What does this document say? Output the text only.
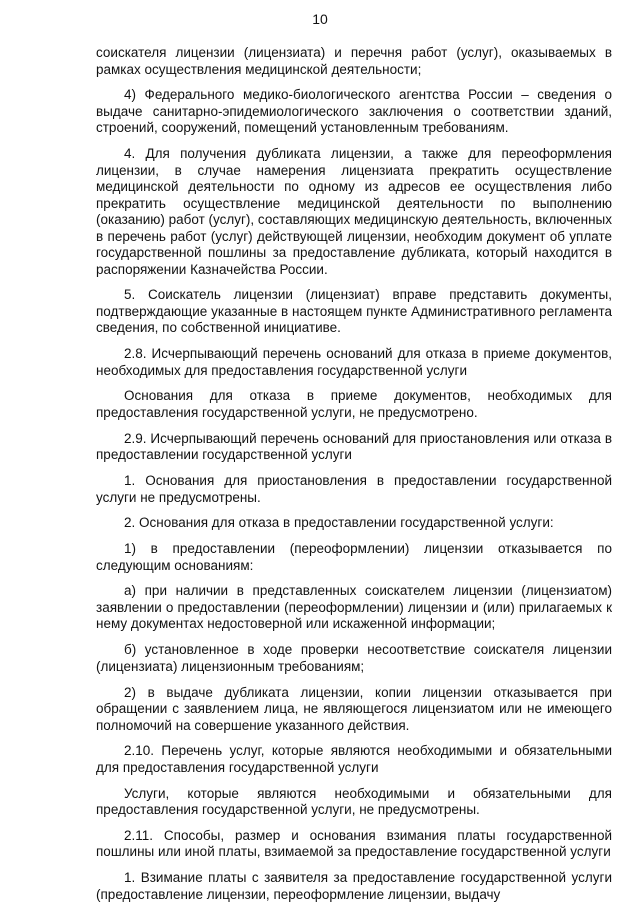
10

соискателя лицензии (лицензиата) и перечня работ (услуг), оказываемых в рамках осуществления медицинской деятельности;

4) Федерального медико-биологического агентства России – сведения о выдаче санитарно-эпидемиологического заключения о соответствии зданий, строений, сооружений, помещений установленным требованиям.

4. Для получения дубликата лицензии, а также для переоформления лицензии, в случае намерения лицензиата прекратить осуществление медицинской деятельности по одному из адресов ее осуществления либо прекратить осуществление медицинской деятельности по выполнению (оказанию) работ (услуг), составляющих медицинскую деятельность, включенных в перечень работ (услуг) действующей лицензии, необходим документ об уплате государственной пошлины за предоставление дубликата, который находится в распоряжении Казначейства России.

5. Соискатель лицензии (лицензиат) вправе представить документы, подтверждающие указанные в настоящем пункте Административного регламента сведения, по собственной инициативе.

2.8. Исчерпывающий перечень оснований для отказа в приеме документов, необходимых для предоставления государственной услуги

Основания для отказа в приеме документов, необходимых для предоставления государственной услуги, не предусмотрено.

2.9. Исчерпывающий перечень оснований для приостановления или отказа в предоставлении государственной услуги

1. Основания для приостановления в предоставлении государственной услуги не предусмотрены.

2. Основания для отказа в предоставлении государственной услуги:

1) в предоставлении (переоформлении) лицензии отказывается по следующим основаниям:

а) при наличии в представленных соискателем лицензии (лицензиатом) заявлении о предоставлении (переоформлении) лицензии и (или) прилагаемых к нему документах недостоверной или искаженной информации;

б) установленное в ходе проверки несоответствие соискателя лицензии (лицензиата) лицензионным требованиям;

2) в выдаче дубликата лицензии, копии лицензии отказывается при обращении с заявлением лица, не являющегося лицензиатом или не имеющего полномочий на совершение указанного действия.

2.10. Перечень услуг, которые являются необходимыми и обязательными для предоставления государственной услуги

Услуги, которые являются необходимыми и обязательными для предоставления государственной услуги, не предусмотрены.

2.11. Способы, размер и основания взимания платы государственной пошлины или иной платы, взимаемой за предоставление государственной услуги

1. Взимание платы с заявителя за предоставление государственной услуги (предоставление лицензии, переоформление лицензии, выдачу
